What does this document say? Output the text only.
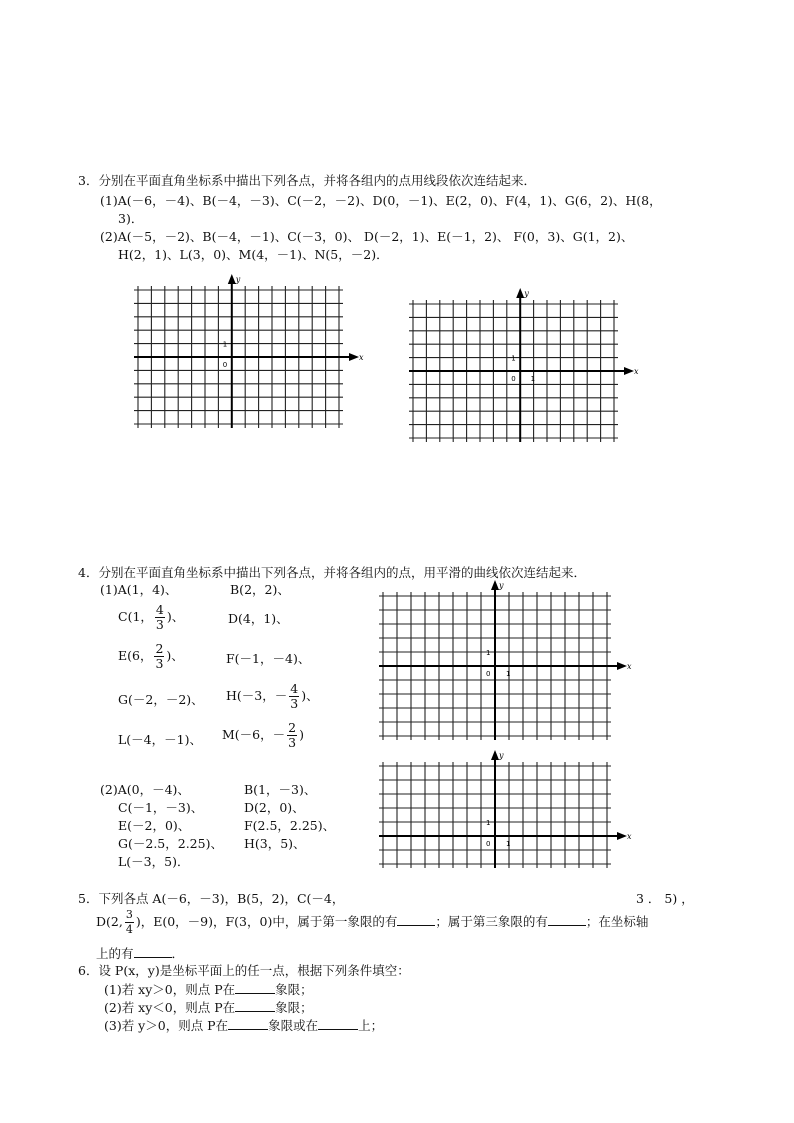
3．分别在平面直角坐标系中描出下列各点，并将各组内的点用线段依次连结起来．
(1)A(－6，－4)、B(－4，－3)、C(－2，－2)、D(0，－1)、E(2，0)、F(4，1)、G(6，2)、H(8，
3)．
(2)A(－5，－2)、B(－4，－1)、C(－3，0)、 D(－2，1)、E(－1，2)、 F(0，3)、G(1，2)、
H(2，1)、L(3，0)、M(4，－1)、N(5，－2)．
x
y
1
0
x
y
1
0 1
4．分别在平面直角坐标系中描出下列各点，并将各组内的点，用平滑的曲线依次连结起来．
(1)A(1，4)、	B(2，2)、
C(1， $\frac{4}{3}$ )、	D(4，1)、
E(6， $\frac{2}{3}$ )、	F(－1，－4)、
G(－2，－2)、 H(－3，－ $\frac{4}{3}$ )、
L(－4，－1)、 M(－6，－ $\frac{2}{3}$ )
(2)A(0，－4)、	B(1，－3)、
C(－1，－3)、	D(2，0)、
E(－2，0)、	F(2.5，2.25)、
G(－2.5，2.25)、 H(3，5)、
L(－3，5)．
x
y
1
0 1
x
y
1
0 1
5．下列各点 A(－6，－3)，B(5，2)，C(－4，	3 ． 5) ，
D(2, $\frac{3}{4}$ )，E(0，－9)，F(3，0)中，属于第一象限的有	；属于第三象限的有	；在坐标轴
上的有	．
6．设 P(x，y)是坐标平面上的任一点，根据下列条件填空：
(1)若 xy＞0，则点 P在	象限；
(2)若 xy＜0，则点 P在	象限；
(3)若 y＞0，则点 P在	象限或在	上；
